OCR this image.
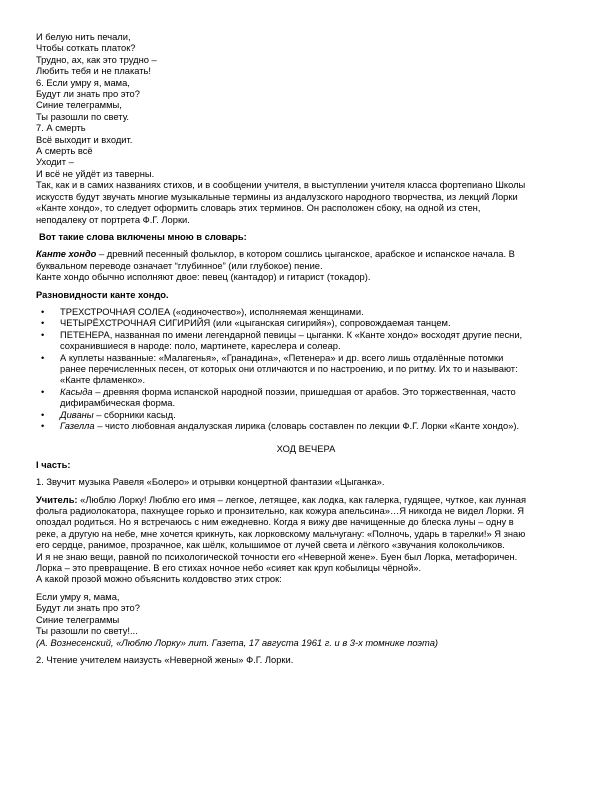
И белую нить печали,
Чтобы соткать платок?
Трудно, ах, как это трудно –
Любить тебя и не плакать!
6. Если умру я, мама,
Будут ли знать про это?
Синие телеграммы,
Ты разошли по свету.
7. А смерть
Всё выходит и входит.
А смерть всё
Уходит –
И всё не уйдёт из таверны.
Так, как и в самих названиях стихов, и в сообщении учителя, в выступлении учителя класса фортепиано Школы
искусств будут звучать многие музыкальные термины из андалузского народного творчества, из лекций Лорки
«Канте хондо», то следует оформить словарь этих терминов. Он расположен сбоку, на одной из стен,
неподалеку от портрета Ф.Г. Лорки.
Вот такие слова включены мною в словарь:
Канте хондо – древний песенный фольклор, в котором сошлись цыганское, арабское и испанское начала. В
буквальном переводе означает “глубинное” (или глубокое) пение.
Канте хондо обычно исполняют двое: певец (кантадор) и гитарист (токадор).
Разновидности канте хондо.
• ТРЕХСТРОЧНАЯ СОЛЕА («одиночество»), исполняемая женщинами.
• ЧЕТЫРЁХСТРОЧНАЯ СИГИРИЙЯ (или «цыганская сигирийя»), сопровождаемая танцем.
• ПЕТЕНЕРА, названная по имени легендарной певицы – цыганки. К «Канте хондо» восходят другие песни,
сохранившиеся в народе: поло, мартинете, кареслера и солеар.
• А куплеты названные: «Малагенья», «Гранадина», «Петенера» и др. всего лишь отдалённые потомки
ранее перечисленных песен, от которых они отличаются и по настроению, и по ритму. Их то и называют:
«Канте фламенко».
• Касыда – древняя форма испанской народной поэзии, пришедшая от арабов. Это торжественная, часто
дифирамбическая форма.
• Диваны – сборники касыд.
• Газелла – чисто любовная андалузская лирика (словарь составлен по лекции Ф.Г. Лорки «Канте хондо»).
ХОД ВЕЧЕРА
I часть:
1. Звучит музыка Равеля «Болеро» и отрывки концертной фантазии «Цыганка».
Учитель: «Люблю Лорку! Люблю его имя – легкое, летящее, как лодка, как галерка, гудящее, чуткое, как лунная
фольга радиолокатора, пахнущее горько и пронзительно, как кожура апельсина»…Я никогда не видел Лорки. Я
опоздал родиться. Но я встречаюсь с ним ежедневно. Когда я вижу две начищенные до блеска луны – одну в
реке, а другую на небе, мне хочется крикнуть, как лорковскому мальчугану: «Полночь, ударь в тарелки!» Я знаю
его сердце, ранимое, прозрачное, как шёлк, колышимое от лучей света и лёгкого «звучания колокольчиков.
И я не знаю вещи, равной по психологической точности его «Неверной жене». Буен был Лорка, метафоричен.
Лорка – это превращение. В его стихах ночное небо «сияет как круп кобылицы чёрной».
А какой прозой можно объяснить колдовство этих строк:
Если умру я, мама,
Будут ли знать про это?
Синие телеграммы
Ты разошли по свету!...
(А. Вознесенский, «Люблю Лорку» лит. Газета, 17 августа 1961 г. и в 3-х томнике поэта)
2. Чтение учителем наизусть «Неверной жены» Ф.Г. Лорки.
